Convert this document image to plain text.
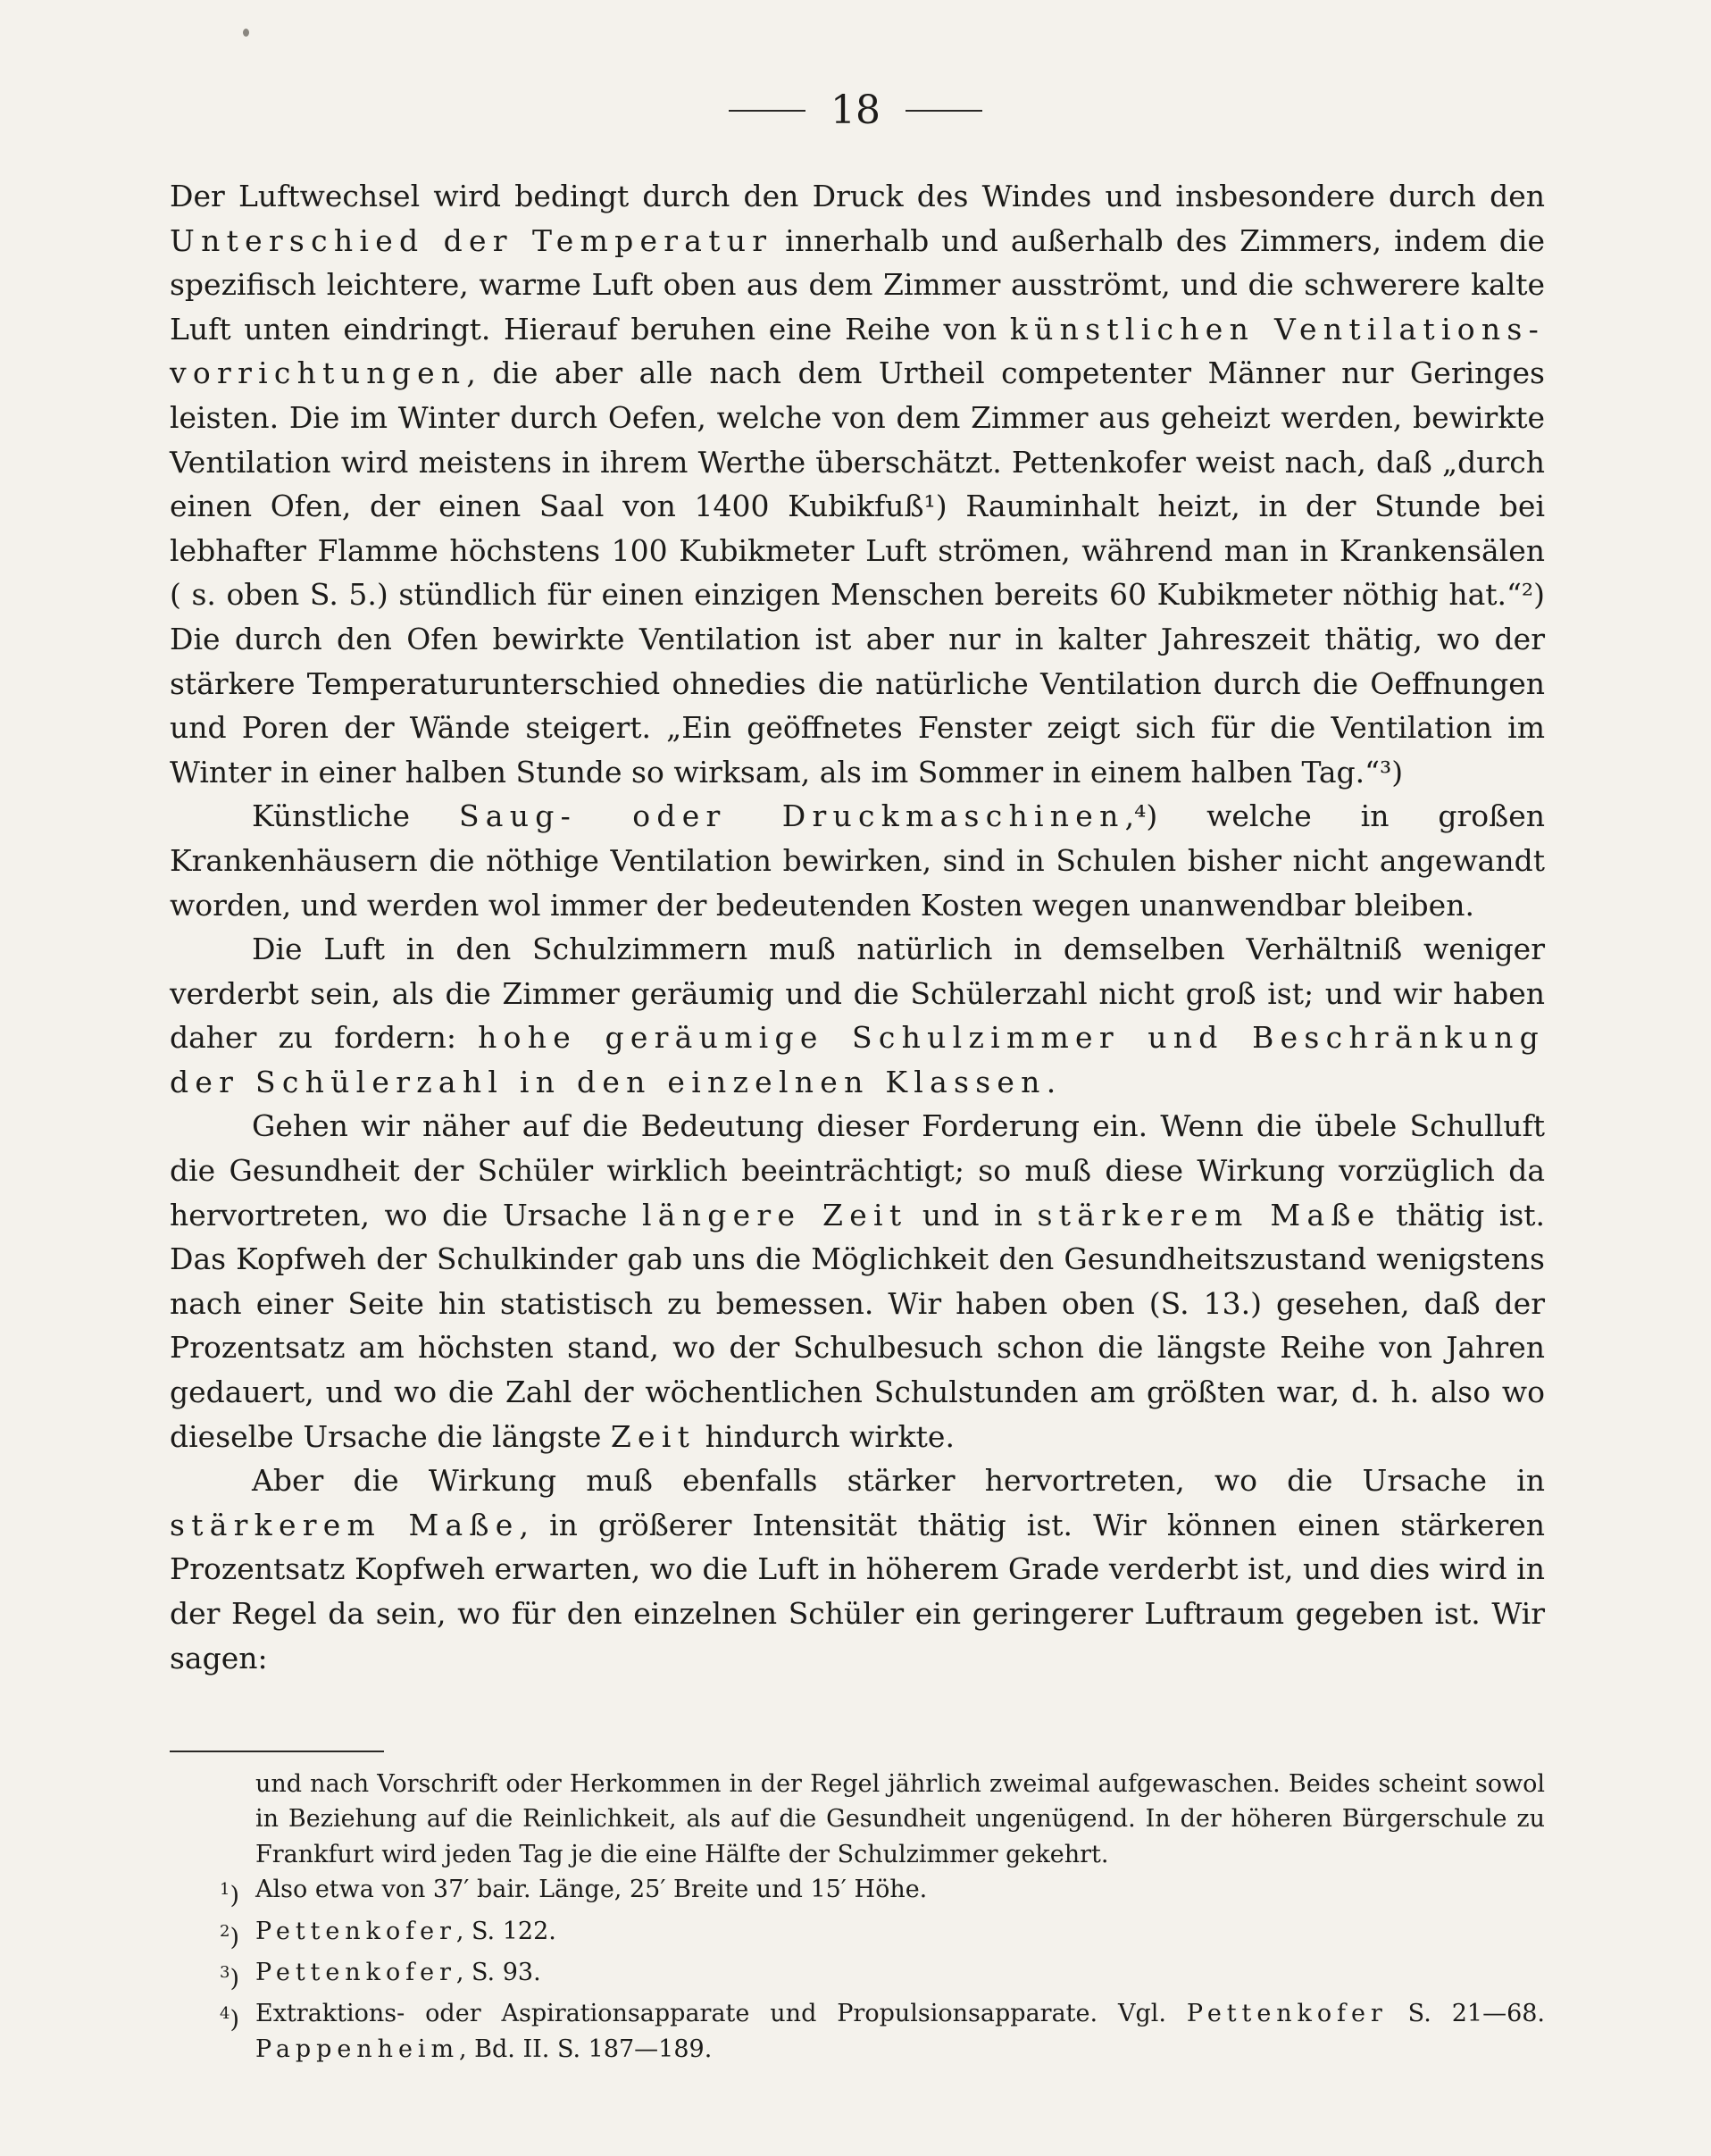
18

Der Luftwechsel wird bedingt durch den Druck des Windes und insbesondere durch den Unterschied der Temperatur innerhalb und außerhalb des Zimmers, indem die spezifisch leichtere, warme Luft oben aus dem Zimmer ausströmt, und die schwerere kalte Luft unten eindringt. Hierauf beruhen eine Reihe von künstlichen Ventilations-vorrichtungen, die aber alle nach dem Urtheil competenter Männer nur Geringes leisten. Die im Winter durch Oefen, welche von dem Zimmer aus geheizt werden, bewirkte Ventilation wird meistens in ihrem Werthe überschätzt. Pettenkofer weist nach, daß „durch einen Ofen, der einen Saal von 1400 Kubikfuß¹) Rauminhalt heizt, in der Stunde bei lebhafter Flamme höchstens 100 Kubikmeter Luft strömen, während man in Krankensälen ( s. oben S. 5.) stündlich für einen einzigen Menschen bereits 60 Kubikmeter nöthig hat.“²) Die durch den Ofen bewirkte Ventilation ist aber nur in kalter Jahreszeit thätig, wo der stärkere Temperaturunterschied ohnedies die natürliche Ventilation durch die Oeffnungen und Poren der Wände steigert. „Ein geöffnetes Fenster zeigt sich für die Ventilation im Winter in einer halben Stunde so wirksam, als im Sommer in einem halben Tag.“³)

Künstliche Saug- oder Druckmaschinen,⁴) welche in großen Krankenhäusern die nöthige Ventilation bewirken, sind in Schulen bisher nicht angewandt worden, und werden wol immer der bedeutenden Kosten wegen unanwendbar bleiben.

Die Luft in den Schulzimmern muß natürlich in demselben Verhältniß weniger verderbt sein, als die Zimmer geräumig und die Schülerzahl nicht groß ist; und wir haben daher zu fordern: hohe geräumige Schulzimmer und Beschränkung der Schülerzahl in den einzelnen Klassen.

Gehen wir näher auf die Bedeutung dieser Forderung ein. Wenn die übele Schulluft die Gesundheit der Schüler wirklich beeinträchtigt; so muß diese Wirkung vorzüglich da hervortreten, wo die Ursache längere Zeit und in stärkerem Maße thätig ist. Das Kopfweh der Schulkinder gab uns die Möglichkeit den Gesundheitszustand wenigstens nach einer Seite hin statistisch zu bemessen. Wir haben oben (S. 13.) gesehen, daß der Prozentsatz am höchsten stand, wo der Schulbesuch schon die längste Reihe von Jahren gedauert, und wo die Zahl der wöchentlichen Schulstunden am größten war, d. h. also wo dieselbe Ursache die längste Zeit hindurch wirkte.

Aber die Wirkung muß ebenfalls stärker hervortreten, wo die Ursache in stärkerem Maße, in größerer Intensität thätig ist. Wir können einen stärkeren Prozentsatz Kopfweh erwarten, wo die Luft in höherem Grade verderbt ist, und dies wird in der Regel da sein, wo für den einzelnen Schüler ein geringerer Luftraum gegeben ist. Wir sagen:

und nach Vorschrift oder Herkommen in der Regel jährlich zweimal aufgewaschen. Beides scheint sowol in Beziehung auf die Reinlichkeit, als auf die Gesundheit ungenügend. In der höheren Bürgerschule zu Frankfurt wird jeden Tag je die eine Hälfte der Schulzimmer gekehrt.

$^1$) Also etwa von 37′ bair. Länge, 25′ Breite und 15′ Höhe.

$^2$) Pettenkofer, S. 122.

$^3$) Pettenkofer, S. 93.

$^4$) Extraktions- oder Aspirationsapparate und Propulsionsapparate. Vgl. Pettenkofer S. 21—68. Pappenheim, Bd. II. S. 187—189.
